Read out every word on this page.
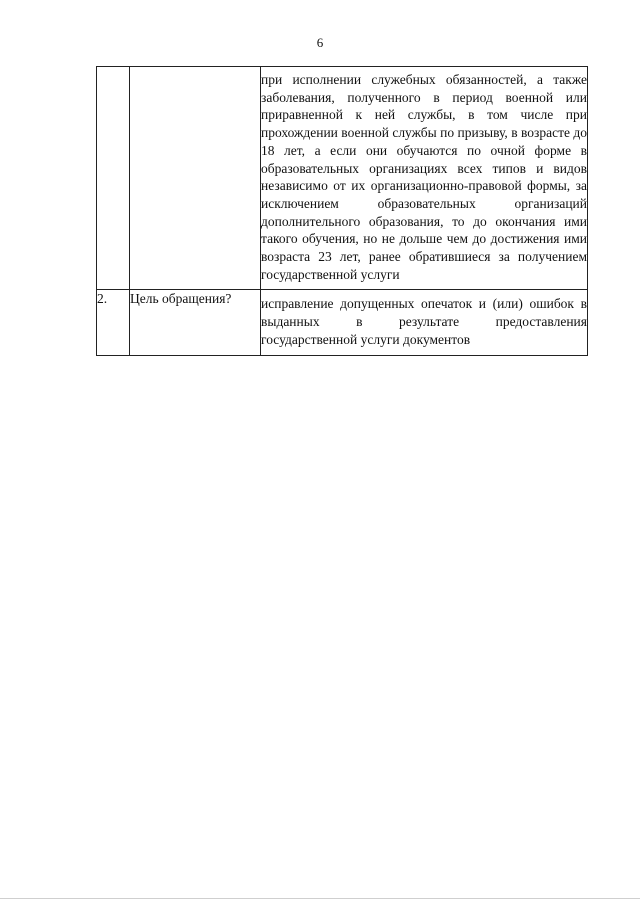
6
		при исполнении служебных обязанностей, а также заболевания, полученного в период военной или приравненной к ней службы, в том числе при прохождении военной службы по призыву, в возрасте до 18 лет, а если они обучаются по очной форме в образовательных организациях всех типов и видов независимо от их организационно-правовой формы, за исключением образовательных организаций дополнительного образования, то до окончания ими такого обучения, но не дольше чем до достижения ими возраста 23 лет, ранее обратившиеся за получением государственной услуги
2.	Цель обращения?	исправление допущенных опечаток и (или) ошибок в выданных в результате предоставления государственной услуги документов
